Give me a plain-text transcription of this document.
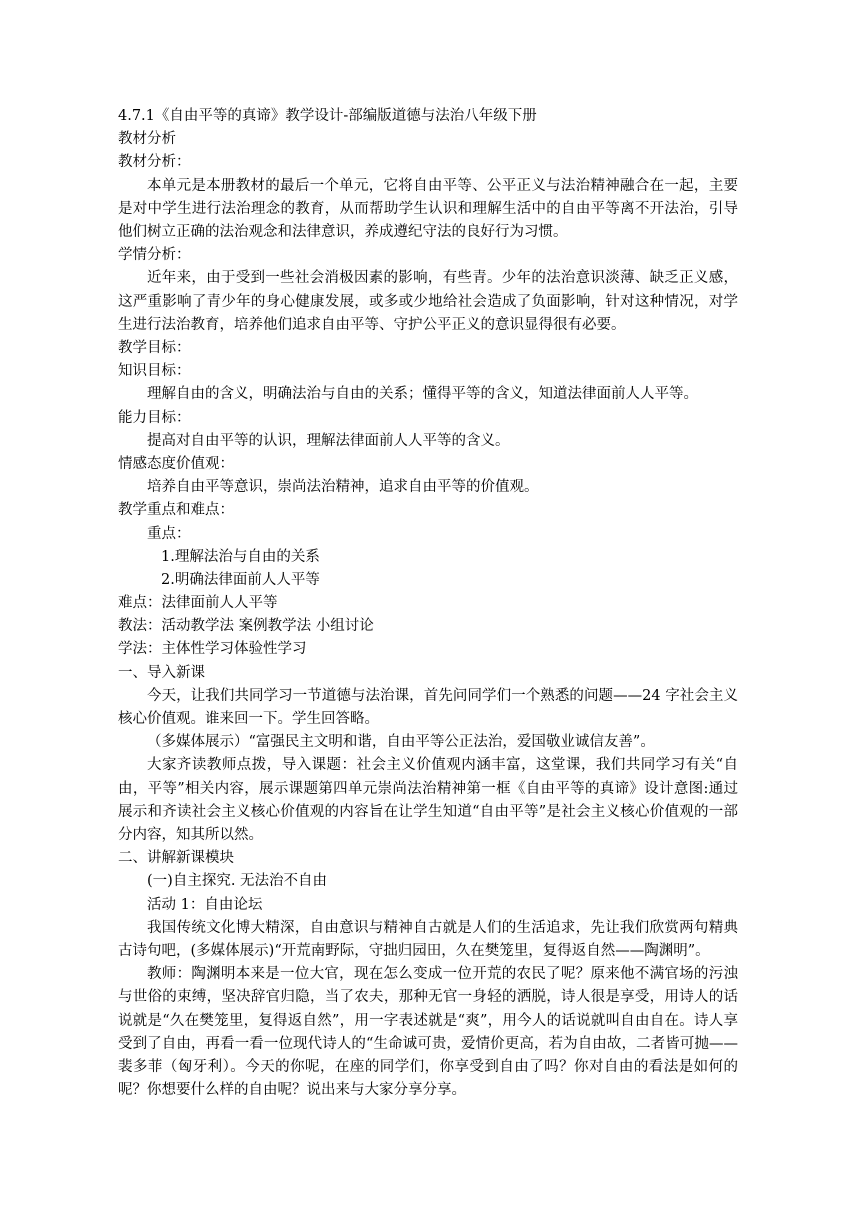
4.7.1《自由平等的真谛》教学设计-部编版道德与法治八年级下册
教材分析
教材分析：
本单元是本册教材的最后一个单元，它将自由平等、公平正义与法治精神融合在一起，主要是对中学生进行法治理念的教育，从而帮助学生认识和理解生活中的自由平等离不开法治，引导他们树立正确的法治观念和法律意识，养成遵纪守法的良好行为习惯。
学情分析：
近年来，由于受到一些社会消极因素的影响，有些青。少年的法治意识淡薄、缺乏正义感，这严重影响了青少年的身心健康发展，或多或少地给社会造成了负面影响，针对这种情况，对学生进行法治教育，培养他们追求自由平等、守护公平正义的意识显得很有必要。
教学目标：
知识目标：
理解自由的含义，明确法治与自由的关系；懂得平等的含义，知道法律面前人人平等。
能力目标：
提高对自由平等的认识，理解法律面前人人平等的含义。
情感态度价值观：
培养自由平等意识，崇尚法治精神，追求自由平等的价值观。
教学重点和难点：
重点：
1.理解法治与自由的关系
2.明确法律面前人人平等
难点：法律面前人人平等
教法：活动教学法 案例教学法 小组讨论
学法：主体性学习体验性学习
一、导入新课
今天，让我们共同学习一节道德与法治课，首先问同学们一个熟悉的问题——24 字社会主义核心价值观。谁来回一下。学生回答略。
（多媒体展示）“富强民主文明和谐，自由平等公正法治，爱国敬业诚信友善”。
大家齐读教师点拨，导入课题：社会主义价值观内涵丰富，这堂课，我们共同学习有关“自由，平等”相关内容，展示课题第四单元崇尚法治精神第一框《自由平等的真谛》设计意图:通过展示和齐读社会主义核心价值观的内容旨在让学生知道“自由平等”是社会主义核心价值观的一部分内容，知其所以然。
二、讲解新课模块
(一)自主探究. 无法治不自由
活动 1：自由论坛
我国传统文化博大精深，自由意识与精神自古就是人们的生活追求，先让我们欣赏两句精典古诗句吧，(多媒体展示)“开荒南野际，守拙归园田，久在樊笼里，复得返自然——陶渊明”。
教师：陶渊明本来是一位大官，现在怎么变成一位开荒的农民了呢？原来他不满官场的污浊与世俗的束缚，坚决辞官归隐，当了农夫，那种无官一身轻的洒脱，诗人很是享受，用诗人的话说就是“久在樊笼里，复得返自然”，用一字表述就是“爽”，用今人的话说就叫自由自在。诗人享受到了自由，再看一看一位现代诗人的“生命诚可贵，爱情价更高，若为自由故，二者皆可抛——裴多菲（匈牙利）。今天的你呢，在座的同学们，你享受到自由了吗？你对自由的看法是如何的呢？你想要什么样的自由呢？说出来与大家分享分享。
